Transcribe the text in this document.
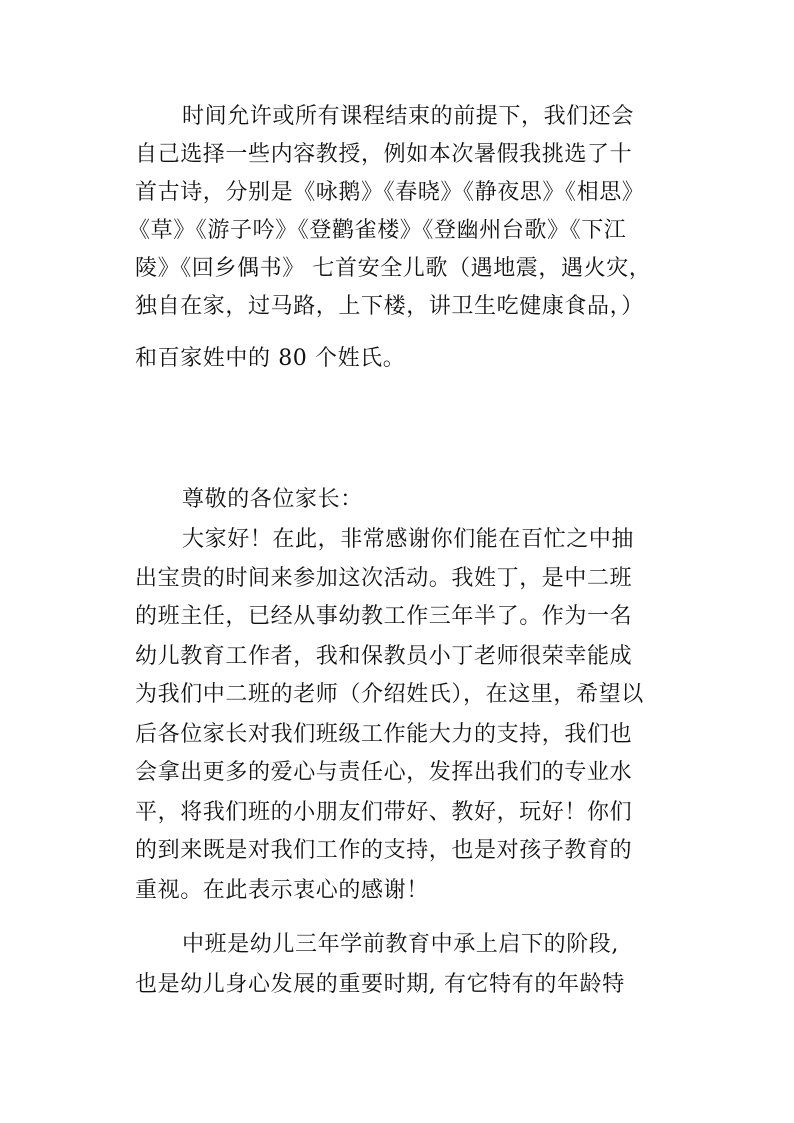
时间允许或所有课程结束的前提下，我们还会
自己选择一些内容教授，例如本次暑假我挑选了十
首古诗，分别是《咏鹅》《春晓》《静夜思》《相思》
《草》《游子吟》《登鹳雀楼》《登幽州台歌》《下江
陵》《回乡偶书》 七首安全儿歌（遇地震，遇火灾，
独自在家，过马路，上下楼，讲卫生吃健康食品，）
和百家姓中的 80 个姓氏。
尊敬的各位家长：
大家好！在此，非常感谢你们能在百忙之中抽
出宝贵的时间来参加这次活动。我姓丁，是中二班
的班主任，已经从事幼教工作三年半了。作为一名
幼儿教育工作者，我和保教员小丁老师很荣幸能成
为我们中二班的老师（介绍姓氏），在这里，希望以
后各位家长对我们班级工作能大力的支持，我们也
会拿出更多的爱心与责任心，发挥出我们的专业水
平，将我们班的小朋友们带好、教好，玩好！你们
的到来既是对我们工作的支持，也是对孩子教育的
重视。在此表示衷心的感谢！
中班是幼儿三年学前教育中承上启下的阶段,
也是幼儿身心发展的重要时期, 有它特有的年龄特
